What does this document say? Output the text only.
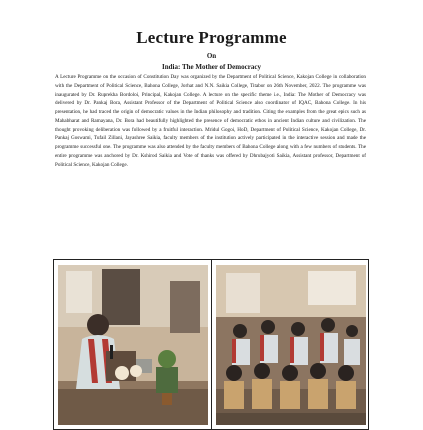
Lecture Programme
On
India: The Mother of Democracy
A Lecture Programme on the occasion of Constitution Day was organized by the Department of Political Science, Kakojan College in collaboration with the Department of Political Science, Bahona College, Jorhat and N.N. Saikia College, Titabor on 26th November, 2022. The programme was inaugurated by Dr. Ruprekha Bordoloi, Principal, Kakojan College. A lecture on the specific theme i.e., India: The Mother of Democracy was delivered by Dr. Pankaj Bora, Assistant Professor of the Department of Political Science also coordinator of IQAC, Bahona College. In his presentation, he had traced the origin of democratic values in the Indian philosophy and tradition. Citing the examples from the great epics such as Mahabharat and Ramayana, Dr. Bora had beautifully highlighted the presence of democratic ethos in ancient Indian culture and civilization. The thought provoking deliberation was followed by a fruitful interaction. Mridul Gogoi, HoD, Department of Political Science, Kakojan College, Dr. Pankaj Goswami, Tufail Zillani, Jayashree Saikia, faculty members of the institution actively participated in the interactive session and made the programme successful one. The programme was also attended by the faculty members of Bahona College along with a few numbers of students. The entire programme was anchored by Dr. Kshirod Saikia and Vote of thanks was offered by Dhrubajyoti Saikia, Assistant professor, Department of Political Science, Kakojan College.
